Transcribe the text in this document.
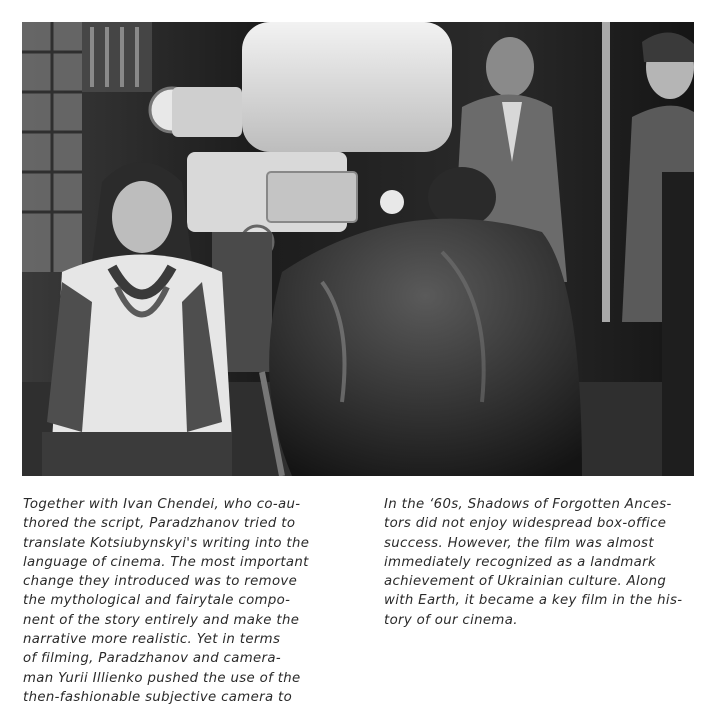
Together with Ivan Chendei, who co-au-
thored the script, Paradzhanov tried to
translate Kotsiubynskyi's writing into the
language of cinema. The most important
change they introduced was to remove
the mythological and fairytale compo-
nent of the story entirely and make the
narrative more realistic. Yet in terms
of filming, Paradzhanov and camera-
man Yurii Illienko pushed the use of the
then-fashionable subjective camera to
In the ‘60s, Shadows of Forgotten Ances-
tors did not enjoy widespread box-office
success. However, the film was almost
immediately recognized as a landmark
achievement of Ukrainian culture. Along
with Earth, it became a key film in the his-
tory of our cinema.
